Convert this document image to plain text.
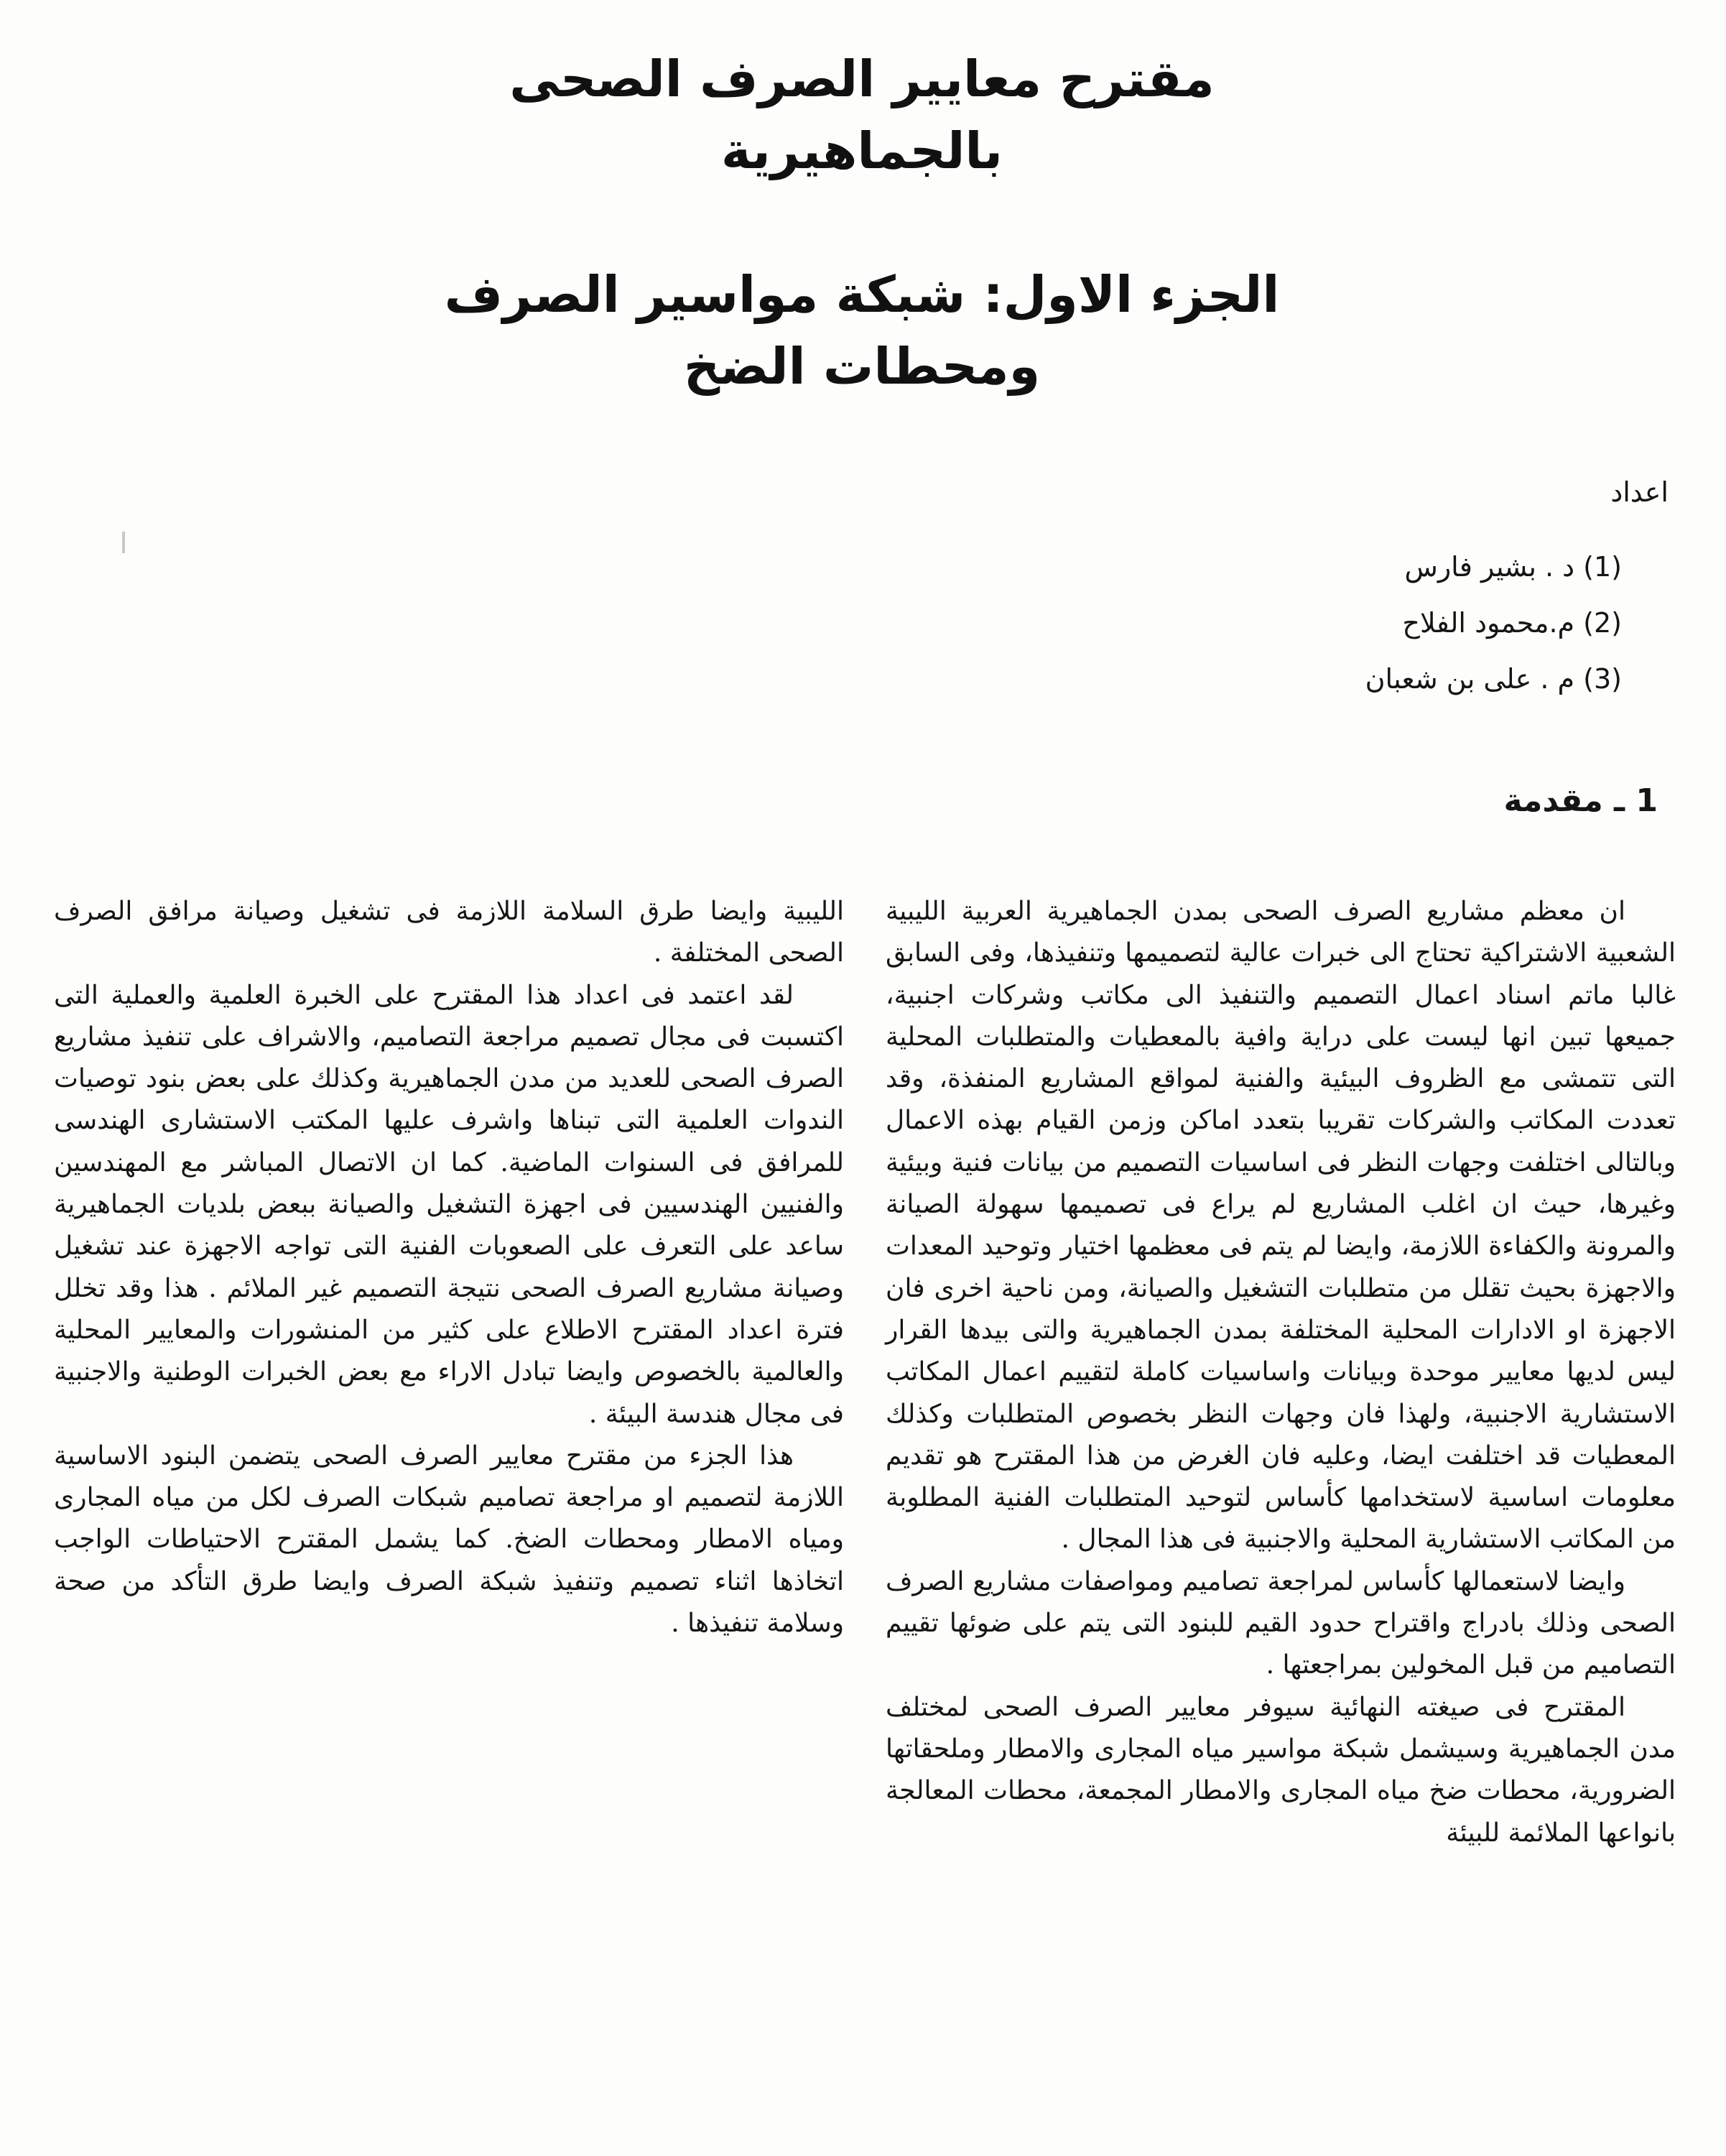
مقترح معايير الصرف الصحى
بالجماهيرية
الجزء الاول: شبكة مواسير الصرف
ومحطات الضخ
اعداد
(1) د . بشير فارس
(2) م.محمود الفلاح
(3) م . على بن شعبان
1 ـ مقدمة

ان معظم مشاريع الصرف الصحى بمدن الجماهيرية العربية الليبية الشعبية الاشتراكية تحتاج الى خبرات عالية لتصميمها وتنفيذها، وفى السابق غالبا ماتم اسناد اعمال التصميم والتنفيذ الى مكاتب وشركات اجنبية، جميعها تبين انها ليست على دراية وافية بالمعطيات والمتطلبات المحلية التى تتمشى مع الظروف البيئية والفنية لمواقع المشاريع المنفذة، وقد تعددت المكاتب والشركات تقريبا بتعدد اماكن وزمن القيام بهذه الاعمال وبالتالى اختلفت وجهات النظر فى اساسيات التصميم من بيانات فنية وبيئية وغيرها، حيث ان اغلب المشاريع لم يراع فى تصميمها سهولة الصيانة والمرونة والكفاءة اللازمة، وايضا لم يتم فى معظمها اختيار وتوحيد المعدات والاجهزة بحيث تقلل من متطلبات التشغيل والصيانة، ومن ناحية اخرى فان الاجهزة او الادارات المحلية المختلفة بمدن الجماهيرية والتى بيدها القرار ليس لديها معايير موحدة وبيانات واساسيات كاملة لتقييم اعمال المكاتب الاستشارية الاجنبية، ولهذا فان وجهات النظر بخصوص المتطلبات وكذلك المعطيات قد اختلفت ايضا، وعليه فان الغرض من هذا المقترح هو تقديم معلومات اساسية لاستخدامها كأساس لتوحيد المتطلبات الفنية المطلوبة من المكاتب الاستشارية المحلية والاجنبية فى هذا المجال .

وايضا لاستعمالها كأساس لمراجعة تصاميم ومواصفات مشاريع الصرف الصحى وذلك بادراج واقتراح حدود القيم للبنود التى يتم على ضوئها تقييم التصاميم من قبل المخولين بمراجعتها .

المقترح فى صيغته النهائية سيوفر معايير الصرف الصحى لمختلف مدن الجماهيرية وسيشمل شبكة مواسير مياه المجارى والامطار وملحقاتها الضرورية، محطات ضخ مياه المجارى والامطار المجمعة، محطات المعالجة بانواعها الملائمة للبيئة

الليبية وايضا طرق السلامة اللازمة فى تشغيل وصيانة مرافق الصرف الصحى المختلفة .

لقد اعتمد فى اعداد هذا المقترح على الخبرة العلمية والعملية التى اكتسبت فى مجال تصميم مراجعة التصاميم، والاشراف على تنفيذ مشاريع الصرف الصحى للعديد من مدن الجماهيرية وكذلك على بعض بنود توصيات الندوات العلمية التى تبناها واشرف عليها المكتب الاستشارى الهندسى للمرافق فى السنوات الماضية. كما ان الاتصال المباشر مع المهندسين والفنيين الهندسيين فى اجهزة التشغيل والصيانة ببعض بلديات الجماهيرية ساعد على التعرف على الصعوبات الفنية التى تواجه الاجهزة عند تشغيل وصيانة مشاريع الصرف الصحى نتيجة التصميم غير الملائم . هذا وقد تخلل فترة اعداد المقترح الاطلاع على كثير من المنشورات والمعايير المحلية والعالمية بالخصوص وايضا تبادل الاراء مع بعض الخبرات الوطنية والاجنبية فى مجال هندسة البيئة .

هذا الجزء من مقترح معايير الصرف الصحى يتضمن البنود الاساسية اللازمة لتصميم او مراجعة تصاميم شبكات الصرف لكل من مياه المجارى ومياه الامطار ومحطات الضخ. كما يشمل المقترح الاحتياطات الواجب اتخاذها اثناء تصميم وتنفيذ شبكة الصرف وايضا طرق التأكد من صحة وسلامة تنفيذها .
